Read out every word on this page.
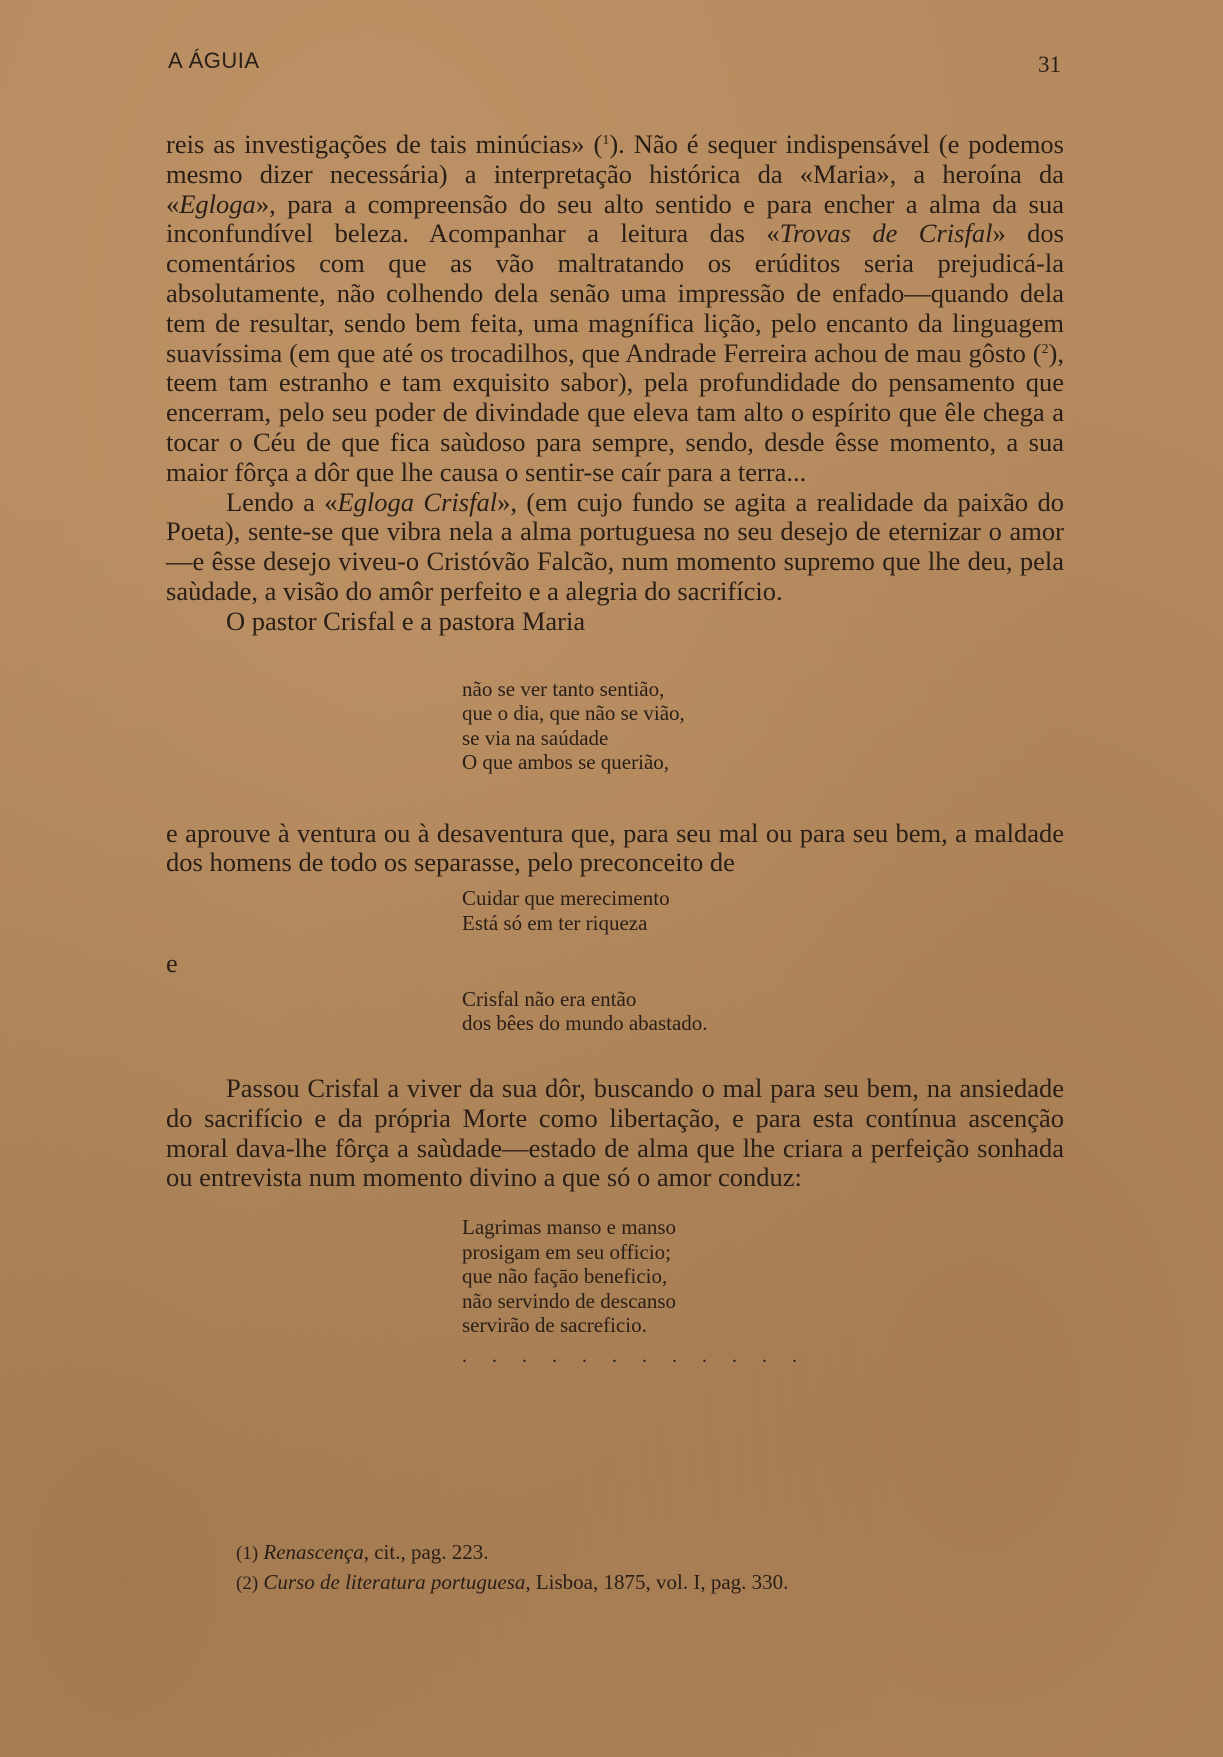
A ÁGUIA	31

reis as investigações de tais minúcias» ($^1$). Não é sequer indispensável (e podemos mesmo dizer necessária) a interpretação histórica da «Maria», a heroína da «Egloga», para a compreensão do seu alto sentido e para encher a alma da sua inconfundível beleza. Acompanhar a leitura das «Trovas de Crisfal» dos comentários com que as vão maltratando os erúditos seria prejudicá-la absolutamente, não colhendo dela senão uma impressão de enfado—quando dela tem de resultar, sendo bem feita, uma magnífica lição, pelo encanto da linguagem suavíssima (em que até os trocadilhos, que Andrade Ferreira achou de mau gôsto ($^2$), teem tam estranho e tam exquisito sabor), pela profundidade do pensamento que encerram, pelo seu poder de divindade que eleva tam alto o espírito que êle chega a tocar o Céu de que fica saùdoso para sempre, sendo, desde êsse momento, a sua maior fôrça a dôr que lhe causa o sentir-se caír para a terra...

Lendo a «Egloga Crisfal», (em cujo fundo se agita a realidade da paixão do Poeta), sente-se que vibra nela a alma portuguesa no seu desejo de eternizar o amor—e êsse desejo viveu-o Cristóvão Falcão, num momento supremo que lhe deu, pela saùdade, a visão do amôr perfeito e a alegria do sacrifício.

O pastor Crisfal e a pastora Maria

não se ver tanto sentião,
que o dia, que não se vião,
se via na saúdade
O que ambos se querião,

e aprouve à ventura ou à desaventura que, para seu mal ou para seu bem, a maldade dos homens de todo os separasse, pelo preconceito de

Cuidar que merecimento
Está só em ter riqueza

e

Crisfal não era então
dos bêes do mundo abastado.

Passou Crisfal a viver da sua dôr, buscando o mal para seu bem, na ansiedade do sacrifício e da própria Morte como libertação, e para esta contínua ascenção moral dava-lhe fôrça a saùdade—estado de alma que lhe criara a perfeição sonhada ou entrevista num momento divino a que só o amor conduz:

Lagrimas manso e manso
prosigam em seu officio;
que não façāo beneficio,
não servindo de descanso
servirão de sacreficio.
. . . . . . . . . . . .
(1) Renascença, cit., pag. 223.
(2) Curso de literatura portuguesa, Lisboa, 1875, vol. I, pag. 330.
